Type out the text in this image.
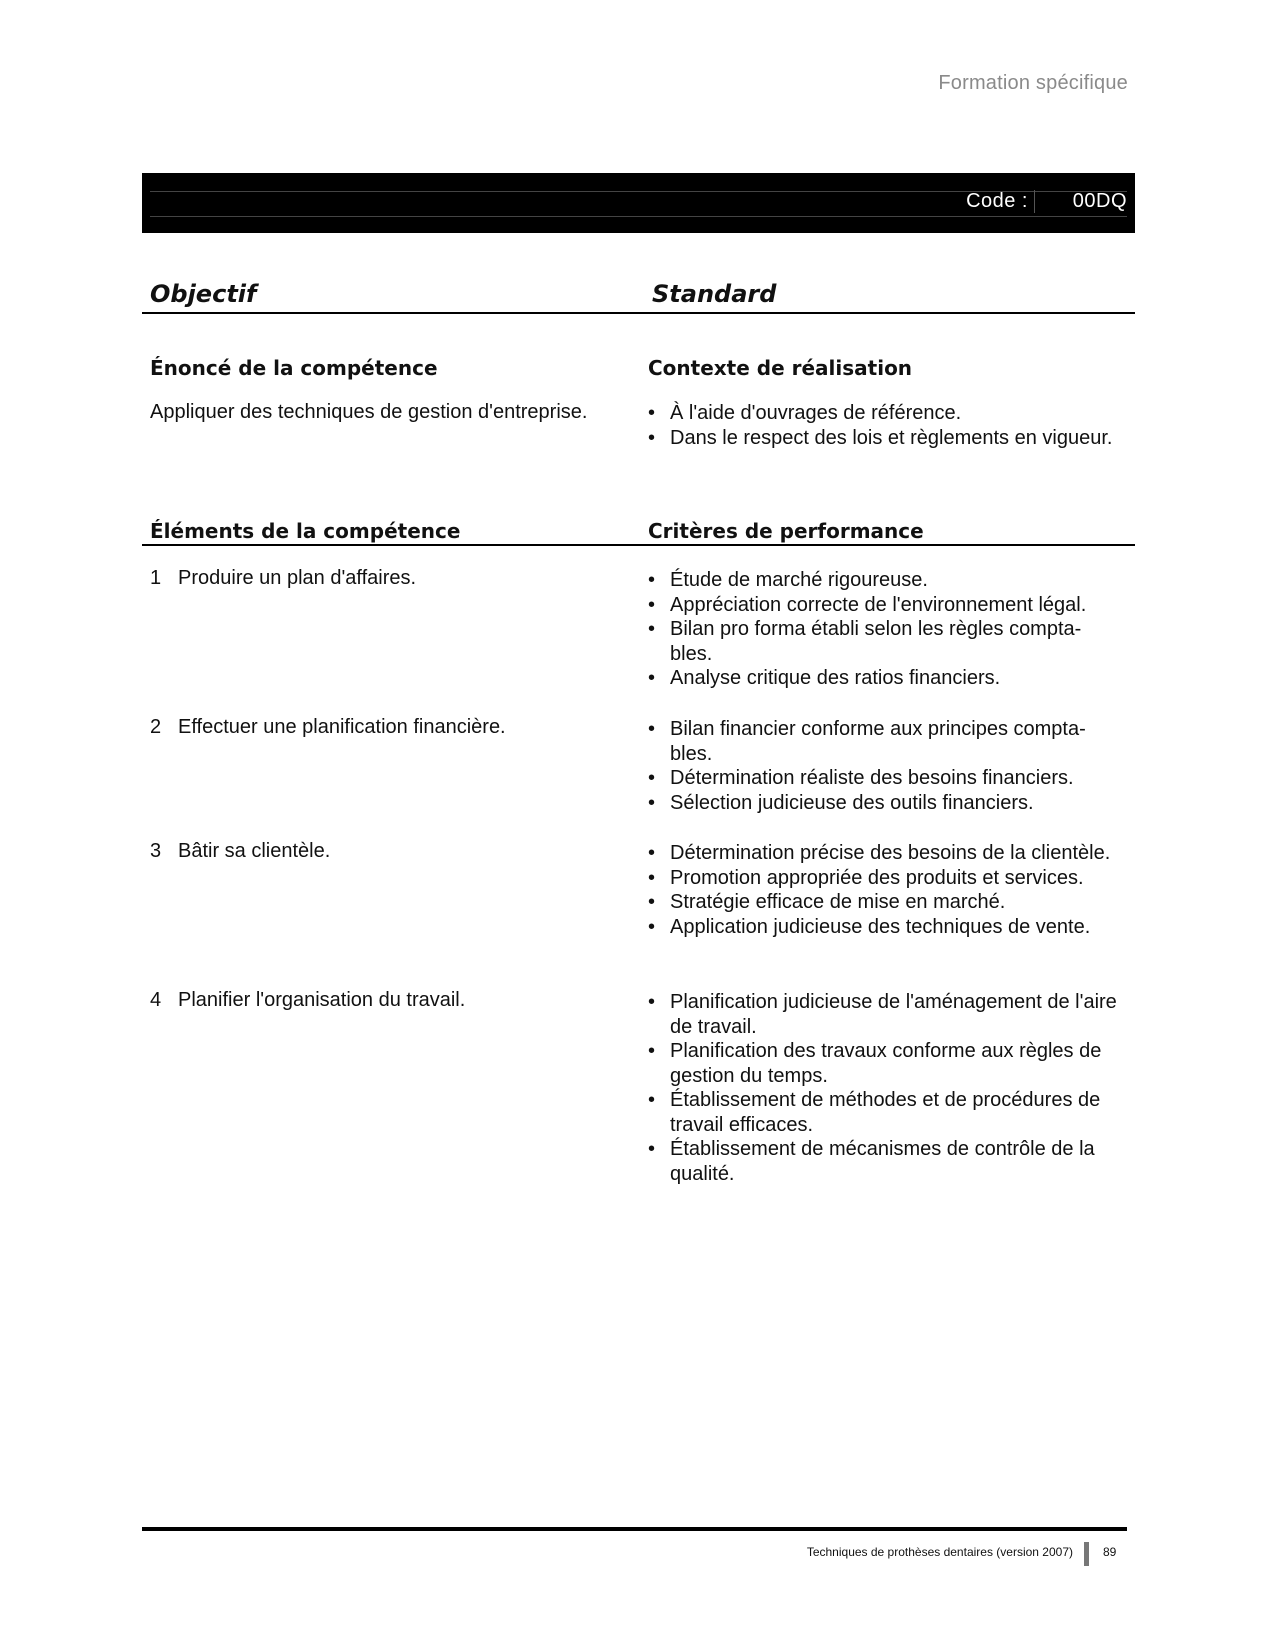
Formation spécifique
Code :	00DQ
Objectif	Standard
Énoncé de la compétence	Contexte de réalisation
Appliquer des techniques de gestion d'entreprise.	• À l'aide d'ouvrages de référence.
• Dans le respect des lois et règlements en vigueur.
Éléments de la compétence	Critères de performance
1 Produire un plan d'affaires.	• Étude de marché rigoureuse.
• Appréciation correcte de l'environnement légal.
• Bilan pro forma établi selon les règles compta-bles.
• Analyse critique des ratios financiers.
2 Effectuer une planification financière.	• Bilan financier conforme aux principes compta-bles.
• Détermination réaliste des besoins financiers.
• Sélection judicieuse des outils financiers.
3 Bâtir sa clientèle.	• Détermination précise des besoins de la clientèle.
• Promotion appropriée des produits et services.
• Stratégie efficace de mise en marché.
• Application judicieuse des techniques de vente.
4 Planifier l'organisation du travail.	• Planification judicieuse de l'aménagement de l'aire de travail.
• Planification des travaux conforme aux règles de gestion du temps.
• Établissement de méthodes et de procédures de travail efficaces.
• Établissement de mécanismes de contrôle de la qualité.
Techniques de prothèses dentaires (version 2007)	89
